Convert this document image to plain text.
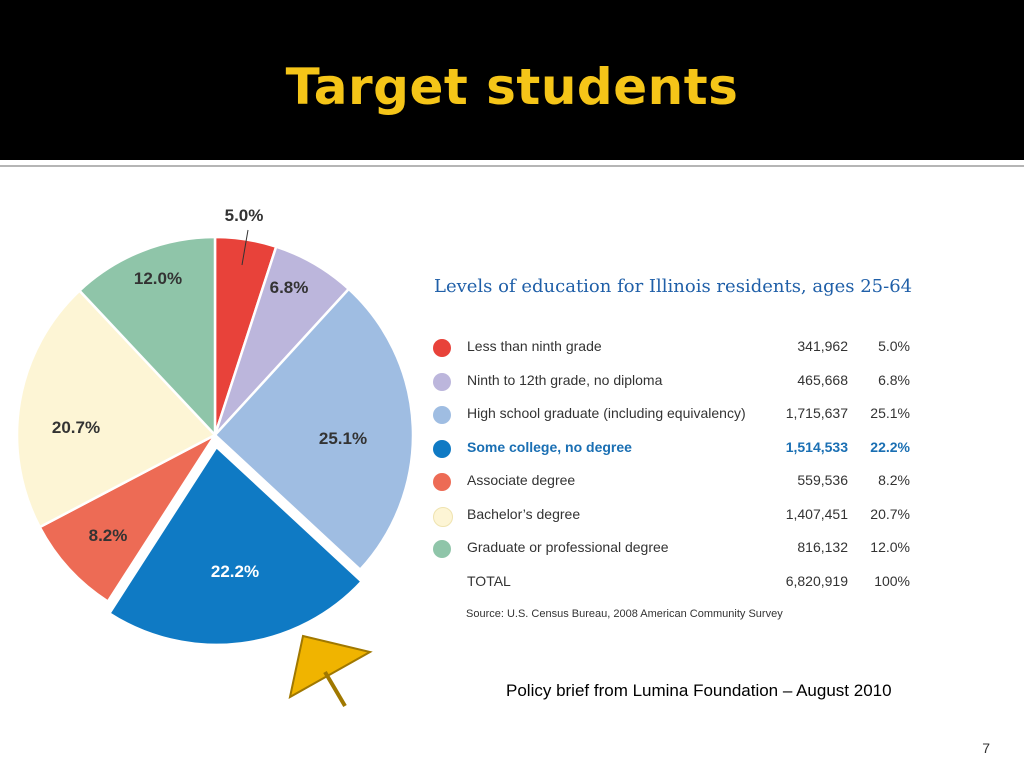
Target students
5.0%
6.8%
25.1%
22.2%
8.2%
20.7%
12.0%	Levels of education for Illinois residents, ages 25-64
Less than ninth grade	341,962 5.0%
Ninth to 12th grade, no diploma	465,668 6.8%
High school graduate (including equivalency)	1,715,637 25.1%
Some college, no degree	1,514,533 22.2%
Associate degree	559,536 8.2%
Bachelor’s degree	1,407,451 20.7%
Graduate or professional degree	816,132 12.0%
TOTAL	6,820,919 100%
Source: U.S. Census Bureau, 2008 American Community Survey
Policy brief from Lumina Foundation – August 2010
7
